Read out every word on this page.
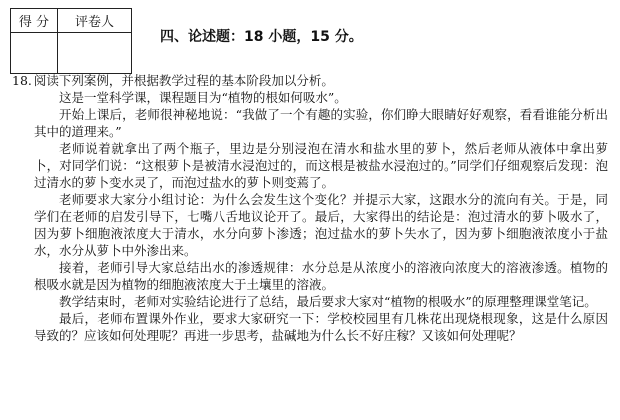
得 分	评卷人

四、论述题：18 小题，15 分。
18. 阅读下列案例，并根据教学过程的基本阶段加以分析。

这是一堂科学课，课程题目为“植物的根如何吸水”。

开始上课后，老师很神秘地说：“我做了一个有趣的实验，你们睁大眼睛好好观察，看看谁能分析出其中的道理来。”

老师说着就拿出了两个瓶子，里边是分别浸泡在清水和盐水里的萝卜，然后老师从液体中拿出萝卜，对同学们说：“这根萝卜是被清水浸泡过的，而这根是被盐水浸泡过的。”同学们仔细观察后发现：泡过清水的萝卜变水灵了，而泡过盐水的萝卜则变蔫了。

老师要求大家分小组讨论：为什么会发生这个变化？并提示大家，这跟水分的流向有关。于是，同学们在老师的启发引导下，七嘴八舌地议论开了。最后，大家得出的结论是：泡过清水的萝卜吸水了，因为萝卜细胞液浓度大于清水，水分向萝卜渗透；泡过盐水的萝卜失水了，因为萝卜细胞液浓度小于盐水，水分从萝卜中外渗出来。

接着，老师引导大家总结出水的渗透规律：水分总是从浓度小的溶液向浓度大的溶液渗透。植物的根吸水就是因为植物的细胞液浓度大于土壤里的溶液。

教学结束时，老师对实验结论进行了总结，最后要求大家对“植物的根吸水”的原理整理课堂笔记。

最后，老师布置课外作业，要求大家研究一下：学校校园里有几株花出现烧根现象，这是什么原因导致的？应该如何处理呢？再进一步思考，盐碱地为什么长不好庄稼？又该如何处理呢？
